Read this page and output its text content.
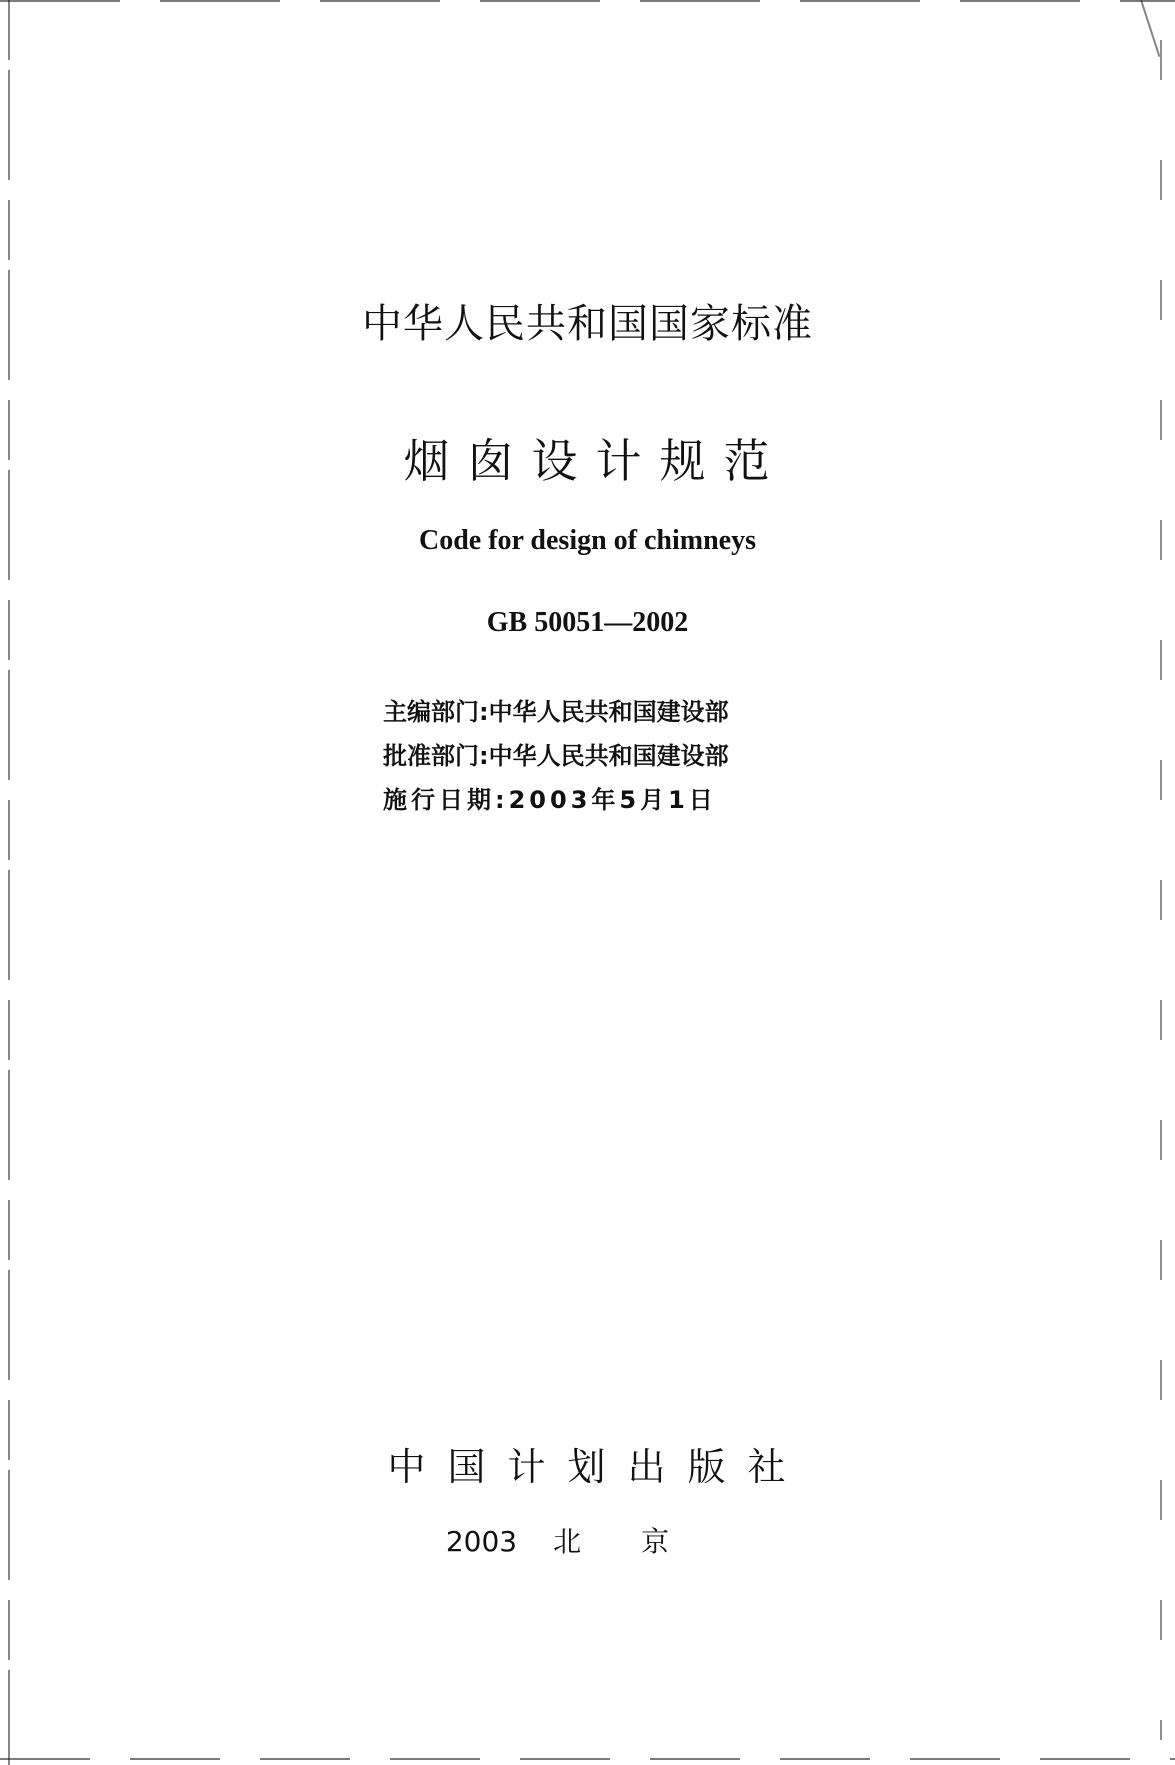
中华人民共和国国家标准
烟囱设计规范
Code for design of chimneys
GB 50051—2002
主编部门:中华人民共和国建设部
批准部门:中华人民共和国建设部
施行日期:2003年5月1日
中国计划出版社
2003 北京
